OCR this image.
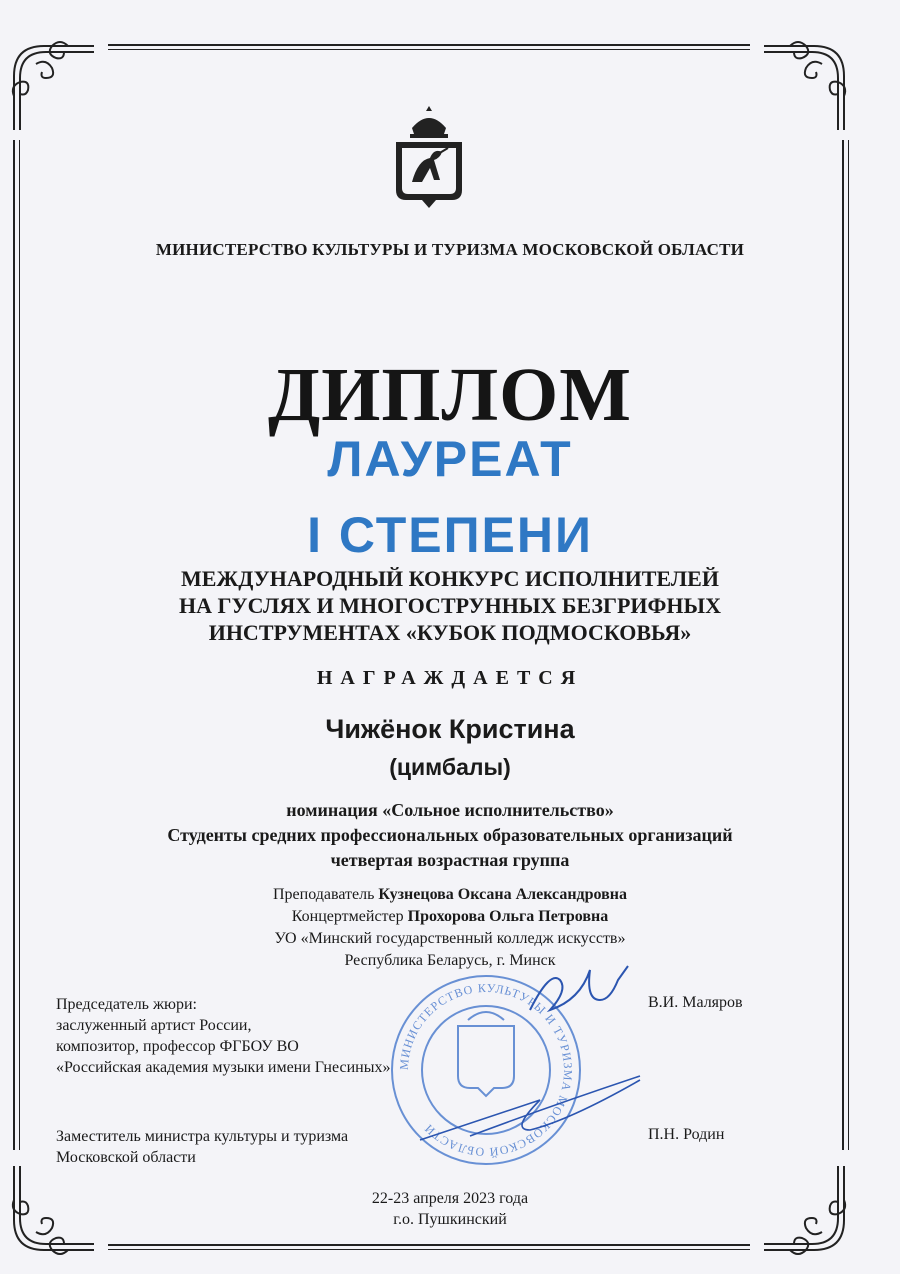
МИНИСТЕРСТВО КУЛЬТУРЫ И ТУРИЗМА МОСКОВСКОЙ ОБЛАСТИ
ДИПЛОМ
ЛАУРЕАТ
I СТЕПЕНИ
МЕЖДУНАРОДНЫЙ КОНКУРС ИСПОЛНИТЕЛЕЙ
НА ГУСЛЯХ И МНОГОСТРУННЫХ БЕЗГРИФНЫХ
ИНСТРУМЕНТАХ «КУБОК ПОДМОСКОВЬЯ»
НАГРАЖДАЕТСЯ
Чижёнок Кристина
(цимбалы)
номинация «Сольное исполнительство»
Студенты средних профессиональных образовательных организаций
четвертая возрастная группа
Преподаватель Кузнецова Оксана Александровна
Концертмейстер Прохорова Ольга Петровна
УО «Минский государственный колледж искусств»
Республика Беларусь, г. Минск
МИНИСТЕРСТВО КУЛЬТУРЫ И ТУРИЗМА МОСКОВСКОЙ ОБЛАСТИ
Председатель жюри:
заслуженный артист России,
композитор, профессор ФГБОУ ВО
«Российская академия музыки имени Гнесиных»
В.И. Маляров
Заместитель министра культуры и туризма
Московской области
П.Н. Родин
22-23 апреля 2023 года
г.о. Пушкинский
